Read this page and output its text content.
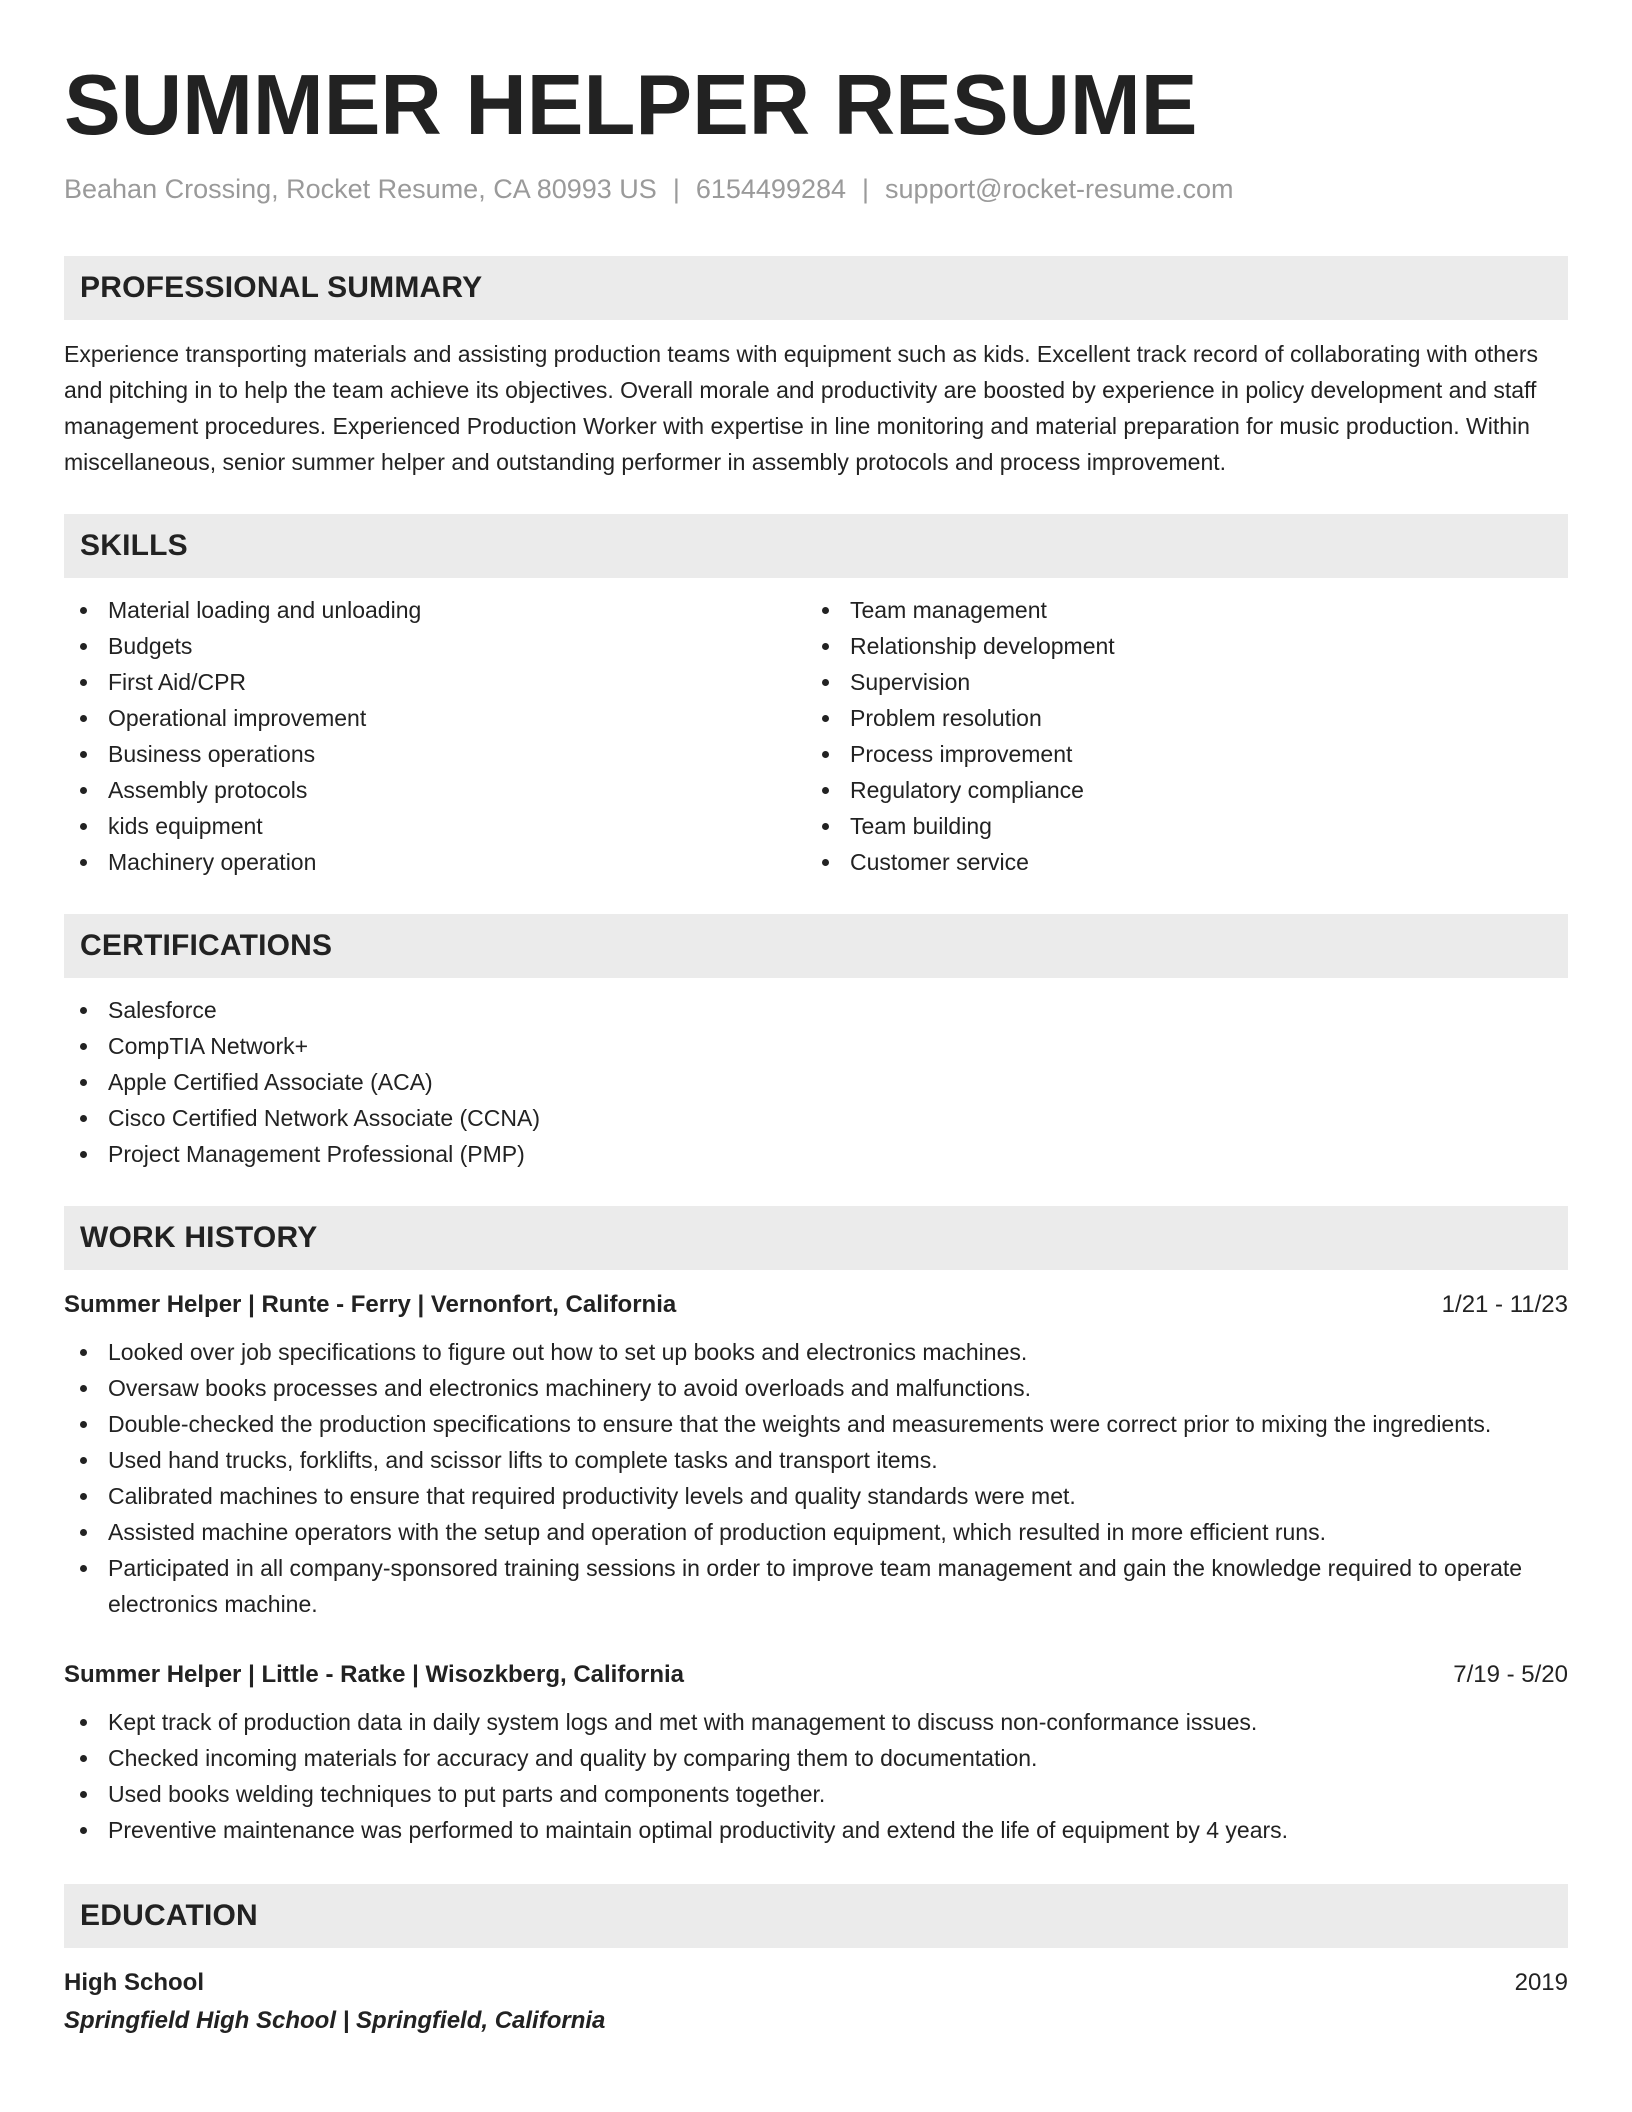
SUMMER HELPER RESUME
Beahan Crossing, Rocket Resume, CA 80993 US | 6154499284 | support@rocket-resume.com
PROFESSIONAL SUMMARY

Experience transporting materials and assisting production teams with equipment such as kids. Excellent track record of collaborating with others and pitching in to help the team achieve its objectives. Overall morale and productivity are boosted by experience in policy development and staff management procedures. Experienced Production Worker with expertise in line monitoring and material preparation for music production. Within miscellaneous, senior summer helper and outstanding performer in assembly protocols and process improvement.

SKILLS
Material loading and unloading
Budgets
First Aid/CPR
Operational improvement
Business operations
Assembly protocols
kids equipment
Machinery operation
Team management
Relationship development
Supervision
Problem resolution
Process improvement
Regulatory compliance
Team building
Customer service
CERTIFICATIONS
Salesforce
CompTIA Network+
Apple Certified Associate (ACA)
Cisco Certified Network Associate (CCNA)
Project Management Professional (PMP)
WORK HISTORY
Summer Helper | Runte - Ferry | Vernonfort, California	1/21 - 11/23
Looked over job specifications to figure out how to set up books and electronics machines.
Oversaw books processes and electronics machinery to avoid overloads and malfunctions.
Double-checked the production specifications to ensure that the weights and measurements were correct prior to mixing the ingredients.
Used hand trucks, forklifts, and scissor lifts to complete tasks and transport items.
Calibrated machines to ensure that required productivity levels and quality standards were met.
Assisted machine operators with the setup and operation of production equipment, which resulted in more efficient runs.
Participated in all company-sponsored training sessions in order to improve team management and gain the knowledge required to operate electronics machine.
Summer Helper | Little - Ratke | Wisozkberg, California	7/19 - 5/20
Kept track of production data in daily system logs and met with management to discuss non-conformance issues.
Checked incoming materials for accuracy and quality by comparing them to documentation.
Used books welding techniques to put parts and components together.
Preventive maintenance was performed to maintain optimal productivity and extend the life of equipment by 4 years.
EDUCATION
High School	2019
Springfield High School | Springfield, California
